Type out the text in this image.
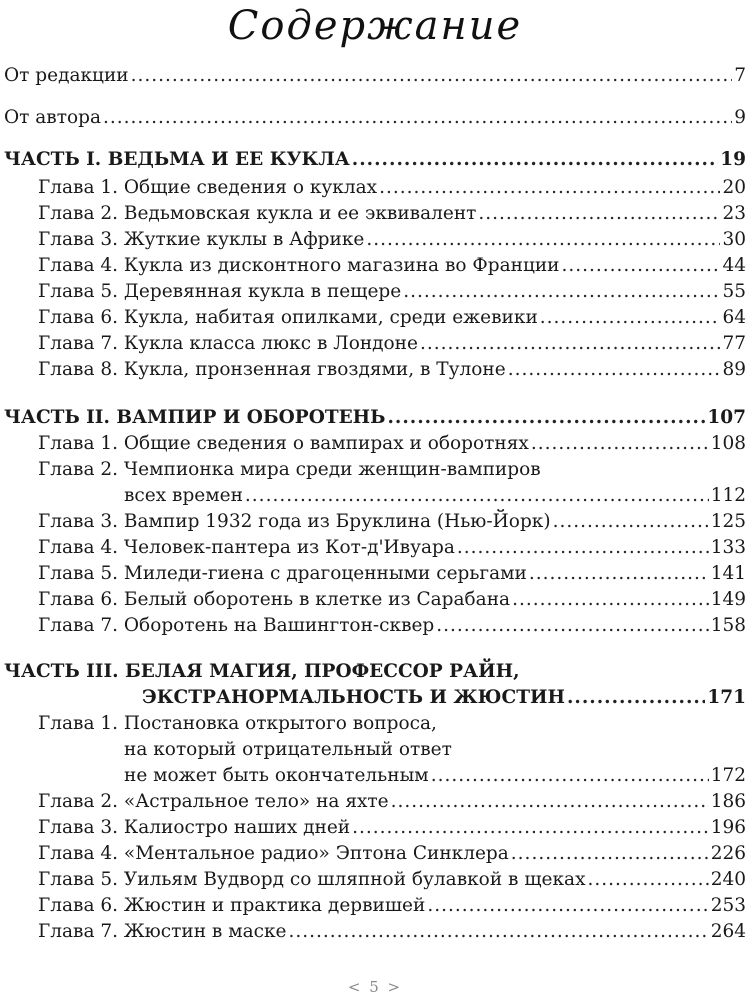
Содержание
От редакции .....	7
От автора .....	9
ЧАСТЬ I. ВЕДЬМА И ЕЕ КУКЛА .....	19
Глава 1. Общие сведения о куклах .....	20
Глава 2. Ведьмовская кукла и ее эквивалент .....	23
Глава 3. Жуткие куклы в Африке .....	30
Глава 4. Кукла из дисконтного магазина во Франции .....	44
Глава 5. Деревянная кукла в пещере .....	55
Глава 6. Кукла, набитая опилками, среди ежевики .....	64
Глава 7. Кукла класса люкс в Лондоне .....	77
Глава 8. Кукла, пронзенная гвоздями, в Тулоне .....	89
ЧАСТЬ II. ВАМПИР И ОБОРОТЕНЬ .....	107
Глава 1. Общие сведения о вампирах и оборотнях .....	108
Глава 2. Чемпионка мира среди женщин-вампиров
всех времен .....	112
Глава 3. Вампир 1932 года из Бруклина (Нью-Йорк) .....	125
Глава 4. Человек-пантера из Кот-д'Ивуара .....	133
Глава 5. Миледи-гиена с драгоценными серьгами .....	141
Глава 6. Белый оборотень в клетке из Сарабана .....	149
Глава 7. Оборотень на Вашингтон-сквер .....	158
ЧАСТЬ III. БЕЛАЯ МАГИЯ, ПРОФЕССОР РАЙН,
ЭКСТРАНОРМАЛЬНОСТЬ И ЖЮСТИН .....	171
Глава 1. Постановка открытого вопроса,
на который отрицательный ответ
не может быть окончательным .....	172
Глава 2. «Астральное тело» на яхте .....	186
Глава 3. Калиостро наших дней .....	196
Глава 4. «Ментальное радио» Эптона Синклера .....	226
Глава 5. Уильям Вудворд со шляпной булавкой в щеках .....	240
Глава 6. Жюстин и практика дервишей .....	253
Глава 7. Жюстин в маске .....	264
< 5 >
